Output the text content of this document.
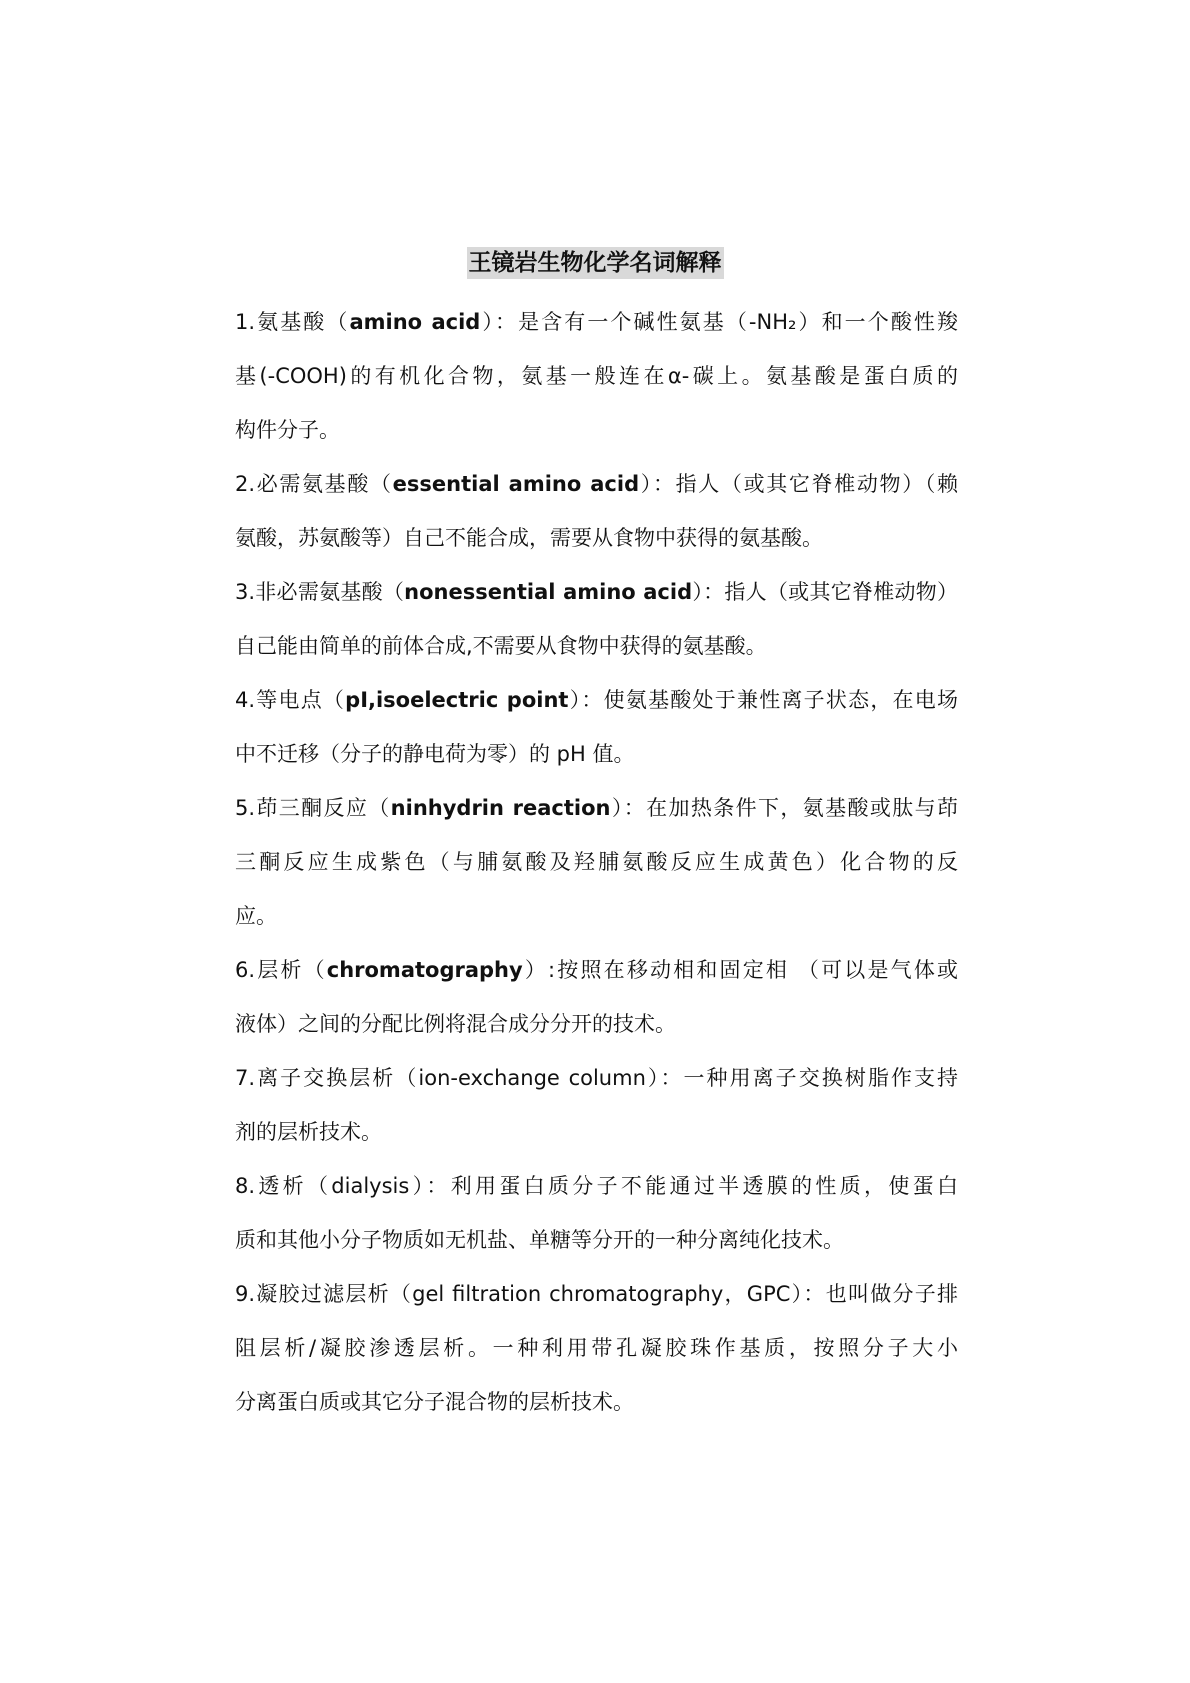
王镜岩生物化学名词解释
1.氨基酸（amino acid）：是含有一个碱性氨基（-NH₂）和一个酸性羧
基(-COOH)的有机化合物，氨基一般连在α-碳上。氨基酸是蛋白质的
构件分子。
2.必需氨基酸（essential amino acid）：指人（或其它脊椎动物）（赖
氨酸，苏氨酸等）自己不能合成，需要从食物中获得的氨基酸。
3.非必需氨基酸（nonessential amino acid）：指人（或其它脊椎动物）
自己能由简单的前体合成,不需要从食物中获得的氨基酸。
4.等电点（pI,isoelectric point）：使氨基酸处于兼性离子状态，在电场
中不迁移（分子的静电荷为零）的 pH 值。
5.茚三酮反应（ninhydrin reaction）：在加热条件下，氨基酸或肽与茚
三酮反应生成紫色（与脯氨酸及羟脯氨酸反应生成黄色）化合物的反
应。
6.层析（chromatography）:按照在移动相和固定相 （可以是气体或
液体）之间的分配比例将混合成分分开的技术。
7.离子交换层析（ion-exchange column）：一种用离子交换树脂作支持
剂的层析技术。
8.透析（dialysis）：利用蛋白质分子不能通过半透膜的性质，使蛋白
质和其他小分子物质如无机盐、单糖等分开的一种分离纯化技术。
9.凝胶过滤层析（gel filtration chromatography，GPC）：也叫做分子排
阻层析/凝胶渗透层析。一种利用带孔凝胶珠作基质，按照分子大小
分离蛋白质或其它分子混合物的层析技术。
